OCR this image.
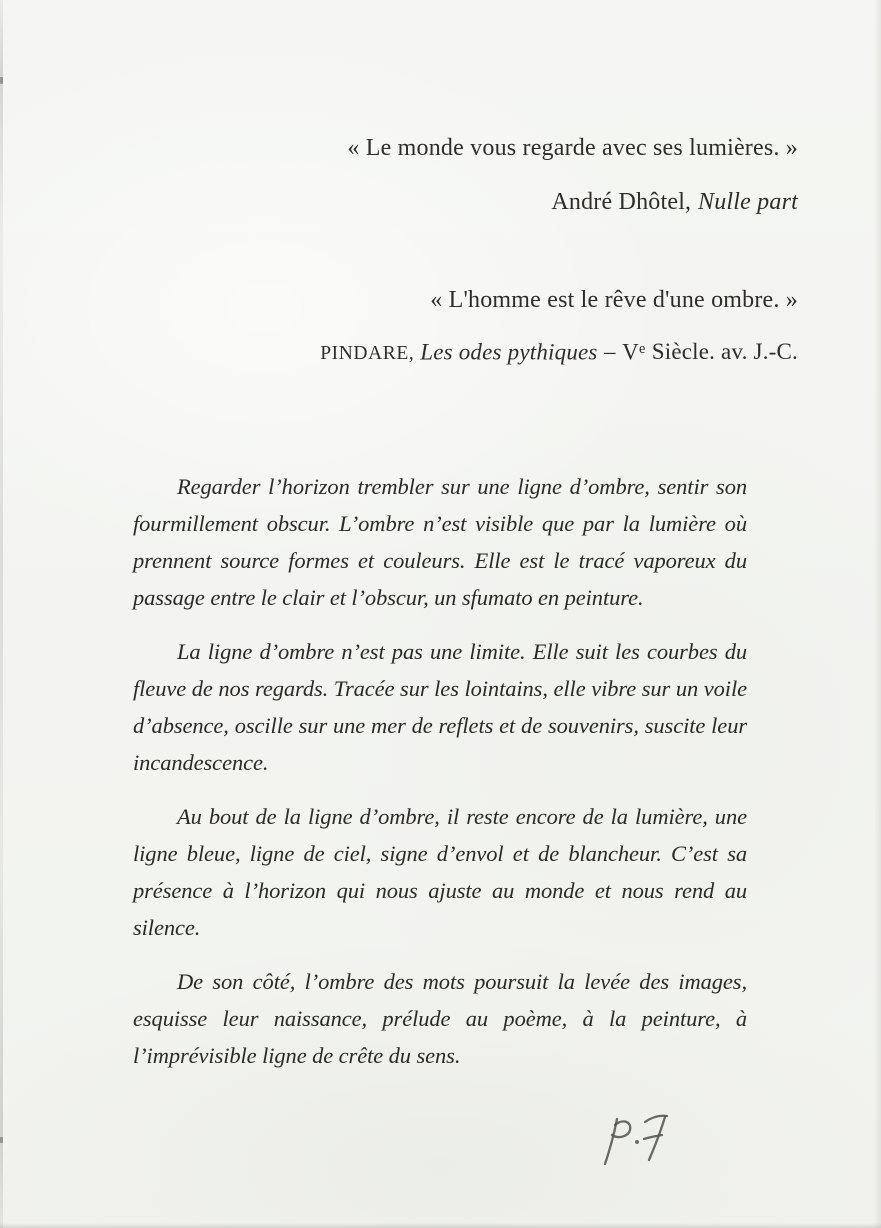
« Le monde vous regarde avec ses lumières. »
André Dhôtel, Nulle part
« L'homme est le rêve d'une ombre. »
PINDARE, Les odes pythiques – Ve Siècle. av. J.-C.

Regarder l’horizon trembler sur une ligne d’ombre, sentir son fourmillement obscur. L’ombre n’est visible que par la lumière où prennent source formes et couleurs. Elle est le tracé vaporeux du passage entre le clair et l’obscur, un sfumato en peinture.

La ligne d’ombre n’est pas une limite. Elle suit les courbes du fleuve de nos regards. Tracée sur les lointains, elle vibre sur un voile d’absence, oscille sur une mer de reflets et de souvenirs, suscite leur incandescence.

Au bout de la ligne d’ombre, il reste encore de la lumière, une ligne bleue, ligne de ciel, signe d’envol et de blancheur. C’est sa présence à l’horizon qui nous ajuste au monde et nous rend au silence.

De son côté, l’ombre des mots poursuit la levée des images, esquisse leur naissance, prélude au poème, à la peinture, à l’imprévisible ligne de crête du sens.
